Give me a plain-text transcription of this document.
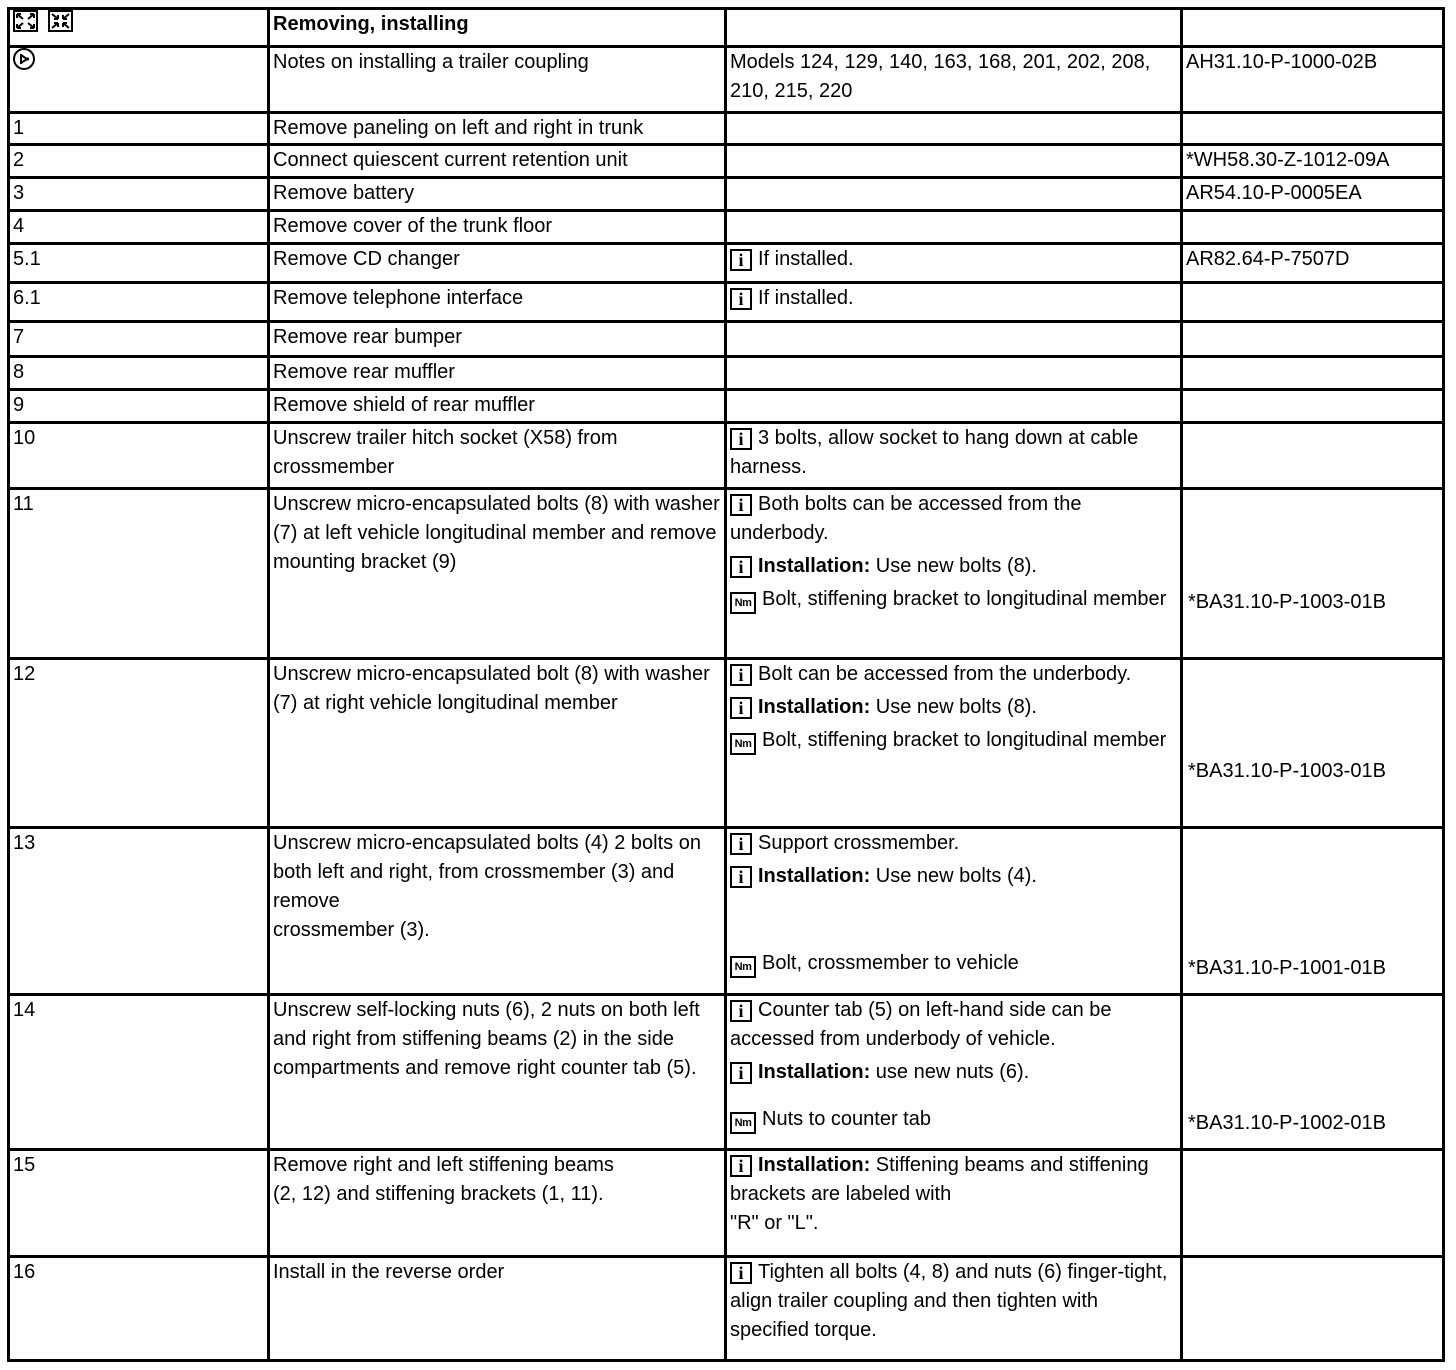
	Removing, installing		

	Notes on installing a trailer coupling	Models 124, 129, 140, 163, 168, 201, 202, 208, 210, 215, 220	AH31.10-P-1000-02B
1	Remove paneling on left and right in trunk		
2	Connect quiescent current retention unit		*WH58.30-Z-1012-09A
3	Remove battery		AR54.10-P-0005EA
4	Remove cover of the trunk floor		
5.1	Remove CD changer	i If installed.	AR82.64-P-7507D
6.1	Remove telephone interface	i If installed.	
7	Remove rear bumper		
8	Remove rear muffler		
9	Remove shield of rear muffler		
10	Unscrew trailer hitch socket (X58) from crossmember	i 3 bolts, allow socket to hang down at cable harness.	
11	Unscrew micro-encapsulated bolts (8) with washer (7) at left vehicle longitudinal member and remove mounting bracket (9)	i Both bolts can be accessed from the underbody.
i Installation: Use new bolts (8).
Nm Bolt, stiffening bracket to longitudinal member	*BA31.10-P-1003-01B

12	Unscrew micro-encapsulated bolt (8) with washer (7) at right vehicle longitudinal member	i Bolt can be accessed from the underbody.
i Installation: Use new bolts (8).
Nm Bolt, stiffening bracket to longitudinal member	*BA31.10-P-1003-01B

13	Unscrew micro-encapsulated bolts (4) 2 bolts on both left and right, from crossmember (3) and remove
crossmember (3).	i Support crossmember.
i Installation: Use new bolts (4).
Nm Bolt, crossmember to vehicle	*BA31.10-P-1001-01B

14	Unscrew self-locking nuts (6), 2 nuts on both left and right from stiffening beams (2) in the side compartments and remove right counter tab (5).	i Counter tab (5) on left-hand side can be accessed from underbody of vehicle.
i Installation: use new nuts (6).
Nm Nuts to counter tab	*BA31.10-P-1002-01B

15	Remove right and left stiffening beams
(2, 12) and stiffening brackets (1, 11).	i Installation: Stiffening beams and stiffening brackets are labeled with
"R" or "L".	

16	Install in the reverse order	i Tighten all bolts (4, 8) and nuts (6) finger-tight, align trailer coupling and then tighten with specified torque.	
